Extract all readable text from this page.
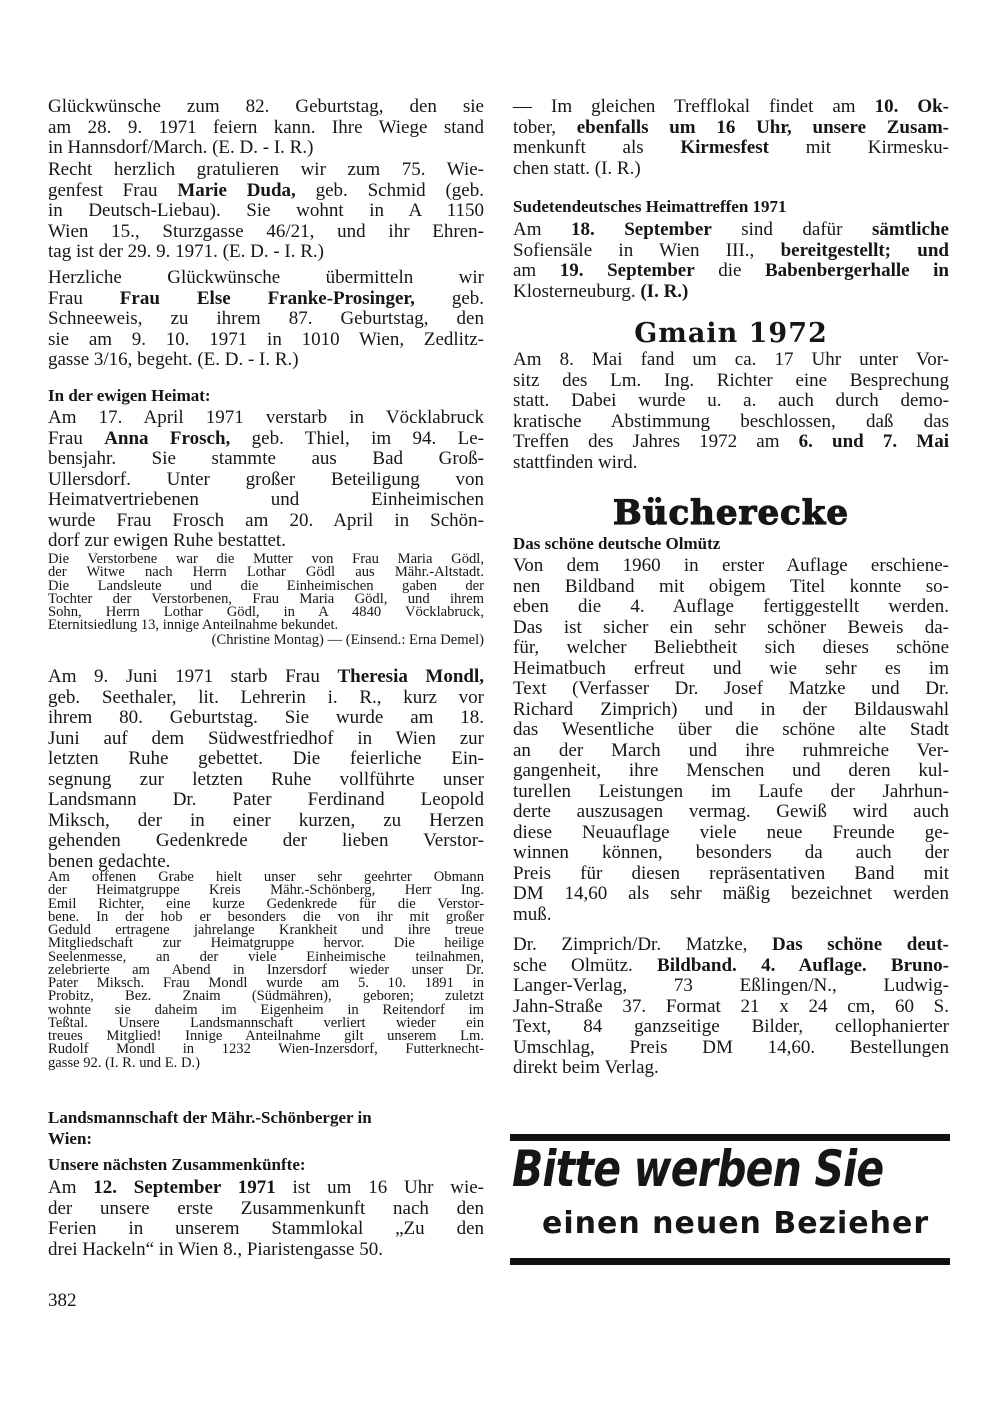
Glückwünsche zum 82. Geburtstag, den sie
am 28. 9. 1971 feiern kann. Ihre Wiege stand
in Hannsdorf/March. (E. D. - I. R.)
Recht herzlich gratulieren wir zum 75. Wie-
genfest Frau Marie Duda, geb. Schmid (geb.
in Deutsch-Liebau). Sie wohnt in A 1150
Wien 15., Sturzgasse 46/21, und ihr Ehren-
tag ist der 29. 9. 1971. (E. D. - I. R.)
Herzliche Glückwünsche übermitteln wir
Frau Frau Else Franke-Prosinger, geb.
Schneeweis, zu ihrem 87. Geburtstag, den
sie am 9. 10. 1971 in 1010 Wien, Zedlitz-
gasse 3/16, begeht. (E. D. - I. R.)
In der ewigen Heimat:
Am 17. April 1971 verstarb in Vöcklabruck
Frau Anna Frosch, geb. Thiel, im 94. Le-
bensjahr. Sie stammte aus Bad Groß-
Ullersdorf. Unter großer Beteiligung von
Heimatvertriebenen und Einheimischen
wurde Frau Frosch am 20. April in Schön-
dorf zur ewigen Ruhe bestattet.
Die Verstorbene war die Mutter von Frau Maria Gödl,
der Witwe nach Herrn Lothar Gödl aus Mähr.-Altstadt.
Die Landsleute und die Einheimischen gaben der
Tochter der Verstorbenen, Frau Maria Gödl, und ihrem
Sohn, Herrn Lothar Gödl, in A 4840 Vöcklabruck,
Eternitsiedlung 13, innige Anteilnahme bekundet.
(Christine Montag) — (Einsend.: Erna Demel)
Am 9. Juni 1971 starb Frau Theresia Mondl,
geb. Seethaler, lit. Lehrerin i. R., kurz vor
ihrem 80. Geburtstag. Sie wurde am 18.
Juni auf dem Südwestfriedhof in Wien zur
letzten Ruhe gebettet. Die feierliche Ein-
segnung zur letzten Ruhe vollführte unser
Landsmann Dr. Pater Ferdinand Leopold
Miksch, der in einer kurzen, zu Herzen
gehenden Gedenkrede der lieben Verstor-
benen gedachte.
Am offenen Grabe hielt unser sehr geehrter Obmann
der Heimatgruppe Kreis Mähr.-Schönberg, Herr Ing.
Emil Richter, eine kurze Gedenkrede für die Verstor-
bene. In der hob er besonders die von ihr mit großer
Geduld ertragene jahrelange Krankheit und ihre treue
Mitgliedschaft zur Heimatgruppe hervor. Die heilige
Seelenmesse, an der viele Einheimische teilnahmen,
zelebrierte am Abend in Inzersdorf wieder unser Dr.
Pater Miksch. Frau Mondl wurde am 5. 10. 1891 in
Probitz, Bez. Znaim (Südmähren), geboren; zuletzt
wohnte sie daheim im Eigenheim in Reitendorf im
Teßtal. Unsere Landsmannschaft verliert wieder ein
treues Mitglied! Innige Anteilnahme gilt unserem Lm.
Rudolf Mondl in 1232 Wien-Inzersdorf, Futterknecht-
gasse 92. (I. R. und E. D.)
Landsmannschaft der Mähr.-Schönberger in
Wien:
Unsere nächsten Zusammenkünfte:
Am 12. September 1971 ist um 16 Uhr wie-
der unsere erste Zusammenkunft nach den
Ferien in unserem Stammlokal „Zu den
drei Hackeln“ in Wien 8., Piaristengasse 50.
— Im gleichen Trefflokal findet am 10. Ok-
tober, ebenfalls um 16 Uhr, unsere Zusam-
menkunft als Kirmesfest mit Kirmesku-
chen statt. (I. R.)
Sudetendeutsches Heimattreffen 1971
Am 18. September sind dafür sämtliche
Sofiensäle in Wien III., bereitgestellt; und
am 19. September die Babenbergerhalle in
Klosterneuburg. (I. R.)
Gmain 1972
Am 8. Mai fand um ca. 17 Uhr unter Vor-
sitz des Lm. Ing. Richter eine Besprechung
statt. Dabei wurde u. a. auch durch demo-
kratische Abstimmung beschlossen, daß das
Treffen des Jahres 1972 am 6. und 7. Mai
stattfinden wird.
Bücherecke
Das schöne deutsche Olmütz
Von dem 1960 in erster Auflage erschiene-
nen Bildband mit obigem Titel konnte so-
eben die 4. Auflage fertiggestellt werden.
Das ist sicher ein sehr schöner Beweis da-
für, welcher Beliebtheit sich dieses schöne
Heimatbuch erfreut und wie sehr es im
Text (Verfasser Dr. Josef Matzke und Dr.
Richard Zimprich) und in der Bildauswahl
das Wesentliche über die schöne alte Stadt
an der March und ihre ruhmreiche Ver-
gangenheit, ihre Menschen und deren kul-
turellen Leistungen im Laufe der Jahrhun-
derte auszusagen vermag. Gewiß wird auch
diese Neuauflage viele neue Freunde ge-
winnen können, besonders da auch der
Preis für diesen repräsentativen Band mit
DM 14,60 als sehr mäßig bezeichnet werden
muß.
Dr. Zimprich/Dr. Matzke, Das schöne deut-
sche Olmütz. Bildband. 4. Auflage. Bruno-
Langer-Verlag, 73 Eßlingen/N., Ludwig-
Jahn-Straße 37. Format 21 x 24 cm, 60 S.
Text, 84 ganzseitige Bilder, cellophanierter
Umschlag, Preis DM 14,60. Bestellungen
direkt beim Verlag.
Bitte werben Sie
einen neuen Bezieher
382
